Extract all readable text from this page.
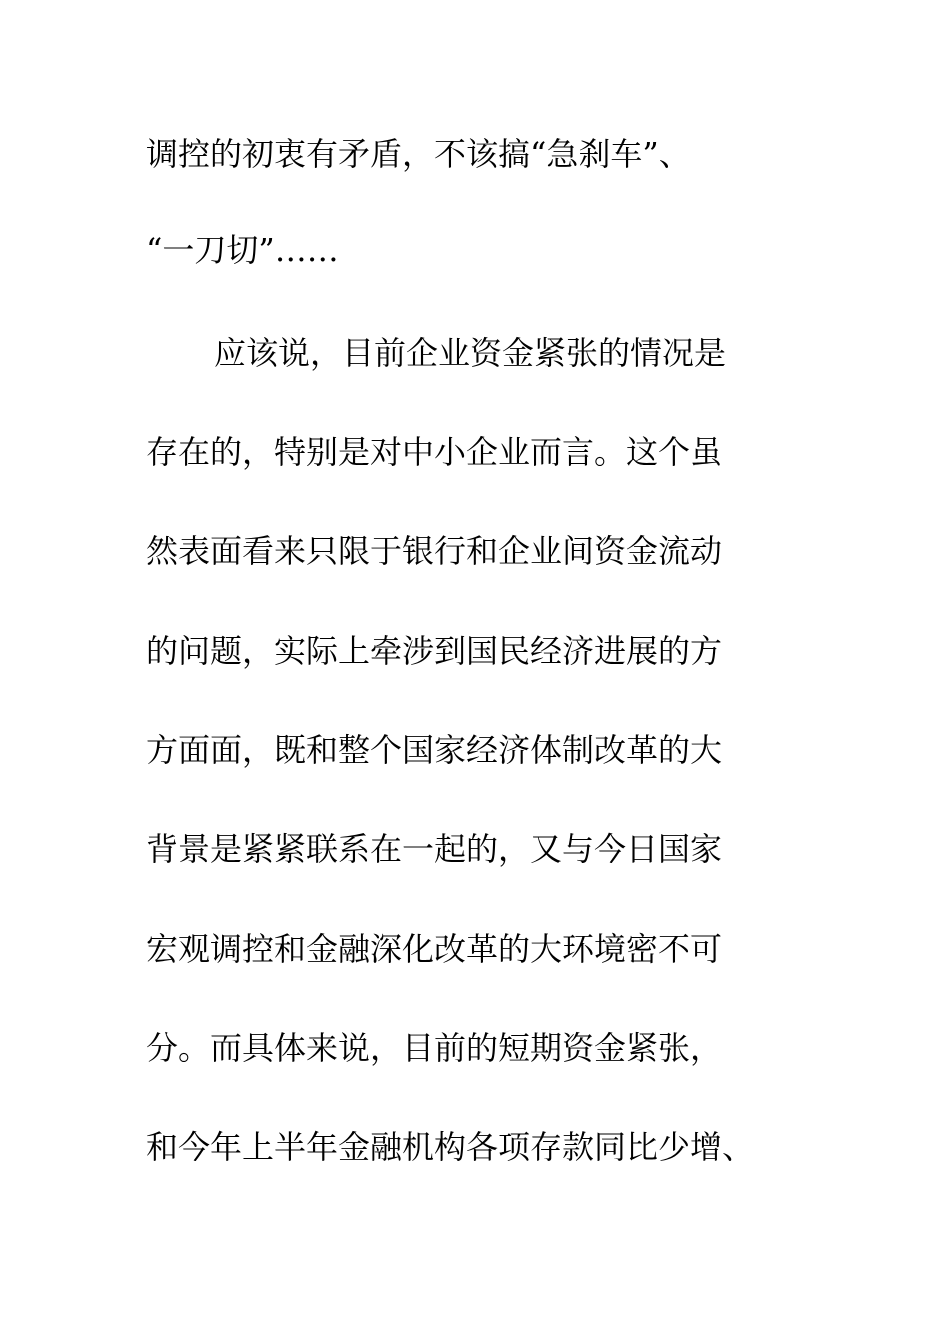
调控的初衷有矛盾，不该搞“急刹车”、
“一刀切”……
应该说，目前企业资金紧张的情况是
存在的，特别是对中小企业而言。这个虽
然表面看来只限于银行和企业间资金流动
的问题，实际上牵涉到国民经济进展的方
方面面，既和整个国家经济体制改革的大
背景是紧紧联系在一起的，又与今日国家
宏观调控和金融深化改革的大环境密不可
分。而具体来说，目前的短期资金紧张，
和今年上半年金融机构各项存款同比少增、
